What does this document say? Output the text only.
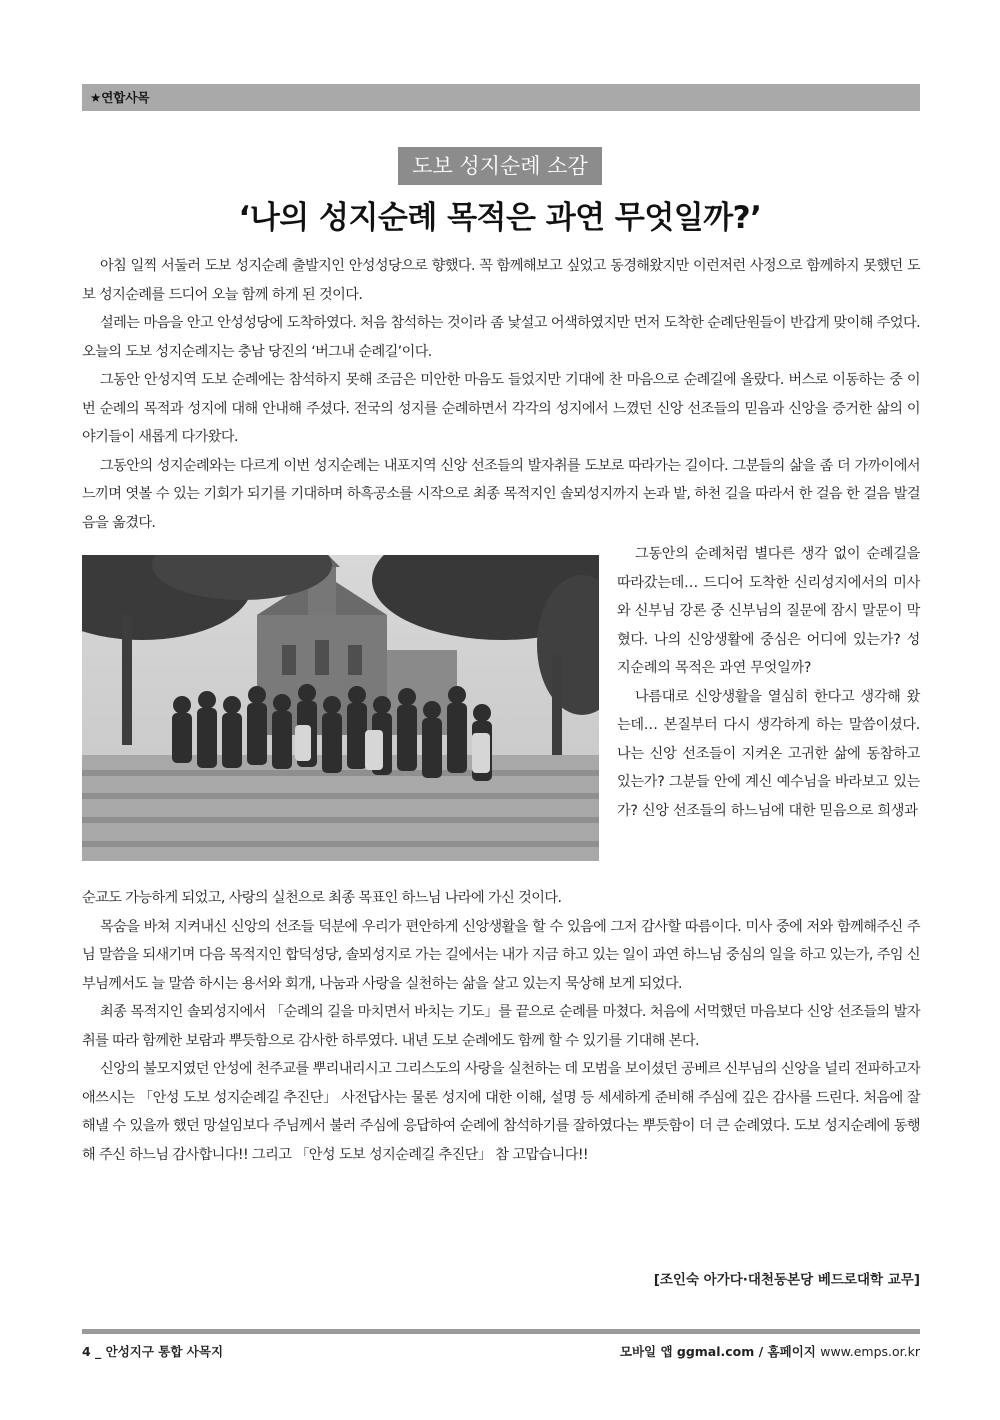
★연합사목
도보 성지순례 소감
‘나의 성지순례 목적은 과연 무엇일까?’

아침 일찍 서둘러 도보 성지순례 출발지인 안성성당으로 향했다. 꼭 함께해보고 싶었고 동경해왔지만 이런저런 사정으로 함께하지 못했던 도보 성지순례를 드디어 오늘 함께 하게 된 것이다.

설레는 마음을 안고 안성성당에 도착하였다. 처음 참석하는 것이라 좀 낯설고 어색하였지만 먼저 도착한 순례단원들이 반갑게 맞이해 주었다. 오늘의 도보 성지순례지는 충남 당진의 ‘버그내 순례길’이다.

그동안 안성지역 도보 순례에는 참석하지 못해 조금은 미안한 마음도 들었지만 기대에 찬 마음으로 순례길에 올랐다. 버스로 이동하는 중 이번 순례의 목적과 성지에 대해 안내해 주셨다. 전국의 성지를 순례하면서 각각의 성지에서 느꼈던 신앙 선조들의 믿음과 신앙을 증거한 삶의 이야기들이 새롭게 다가왔다.

그동안의 성지순례와는 다르게 이번 성지순례는 내포지역 신앙 선조들의 발자취를 도보로 따라가는 길이다. 그분들의 삶을 좀 더 가까이에서 느끼며 엿볼 수 있는 기회가 되기를 기대하며 하흑공소를 시작으로 최종 목적지인 솔뫼성지까지 논과 밭, 하천 길을 따라서 한 걸음 한 걸음 발걸음을 옮겼다.

그동안의 순례처럼 별다른 생각 없이 순례길을 따라갔는데… 드디어 도착한 신리성지에서의 미사와 신부님 강론 중 신부님의 질문에 잠시 말문이 막혔다. 나의 신앙생활에 중심은 어디에 있는가? 성지순례의 목적은 과연 무엇일까?

나름대로 신앙생활을 열심히 한다고 생각해 왔는데… 본질부터 다시 생각하게 하는 말씀이셨다. 나는 신앙 선조들이 지켜온 고귀한 삶에 동참하고 있는가? 그분들 안에 계신 예수님을 바라보고 있는가? 신앙 선조들의 하느님에 대한 믿음으로 희생과

순교도 가능하게 되었고, 사랑의 실천으로 최종 목표인 하느님 나라에 가신 것이다.

목숨을 바쳐 지켜내신 신앙의 선조들 덕분에 우리가 편안하게 신앙생활을 할 수 있음에 그저 감사할 따름이다. 미사 중에 저와 함께해주신 주님 말씀을 되새기며 다음 목적지인 합덕성당, 솔뫼성지로 가는 길에서는 내가 지금 하고 있는 일이 과연 하느님 중심의 일을 하고 있는가, 주임 신부님께서도 늘 말씀 하시는 용서와 회개, 나눔과 사랑을 실천하는 삶을 살고 있는지 묵상해 보게 되었다.

최종 목적지인 솔뫼성지에서 「순례의 길을 마치면서 바치는 기도」를 끝으로 순례를 마쳤다. 처음에 서먹했던 마음보다 신앙 선조들의 발자취를 따라 함께한 보람과 뿌듯함으로 감사한 하루였다. 내년 도보 순례에도 함께 할 수 있기를 기대해 본다.

신앙의 불모지였던 안성에 천주교를 뿌리내리시고 그리스도의 사랑을 실천하는 데 모범을 보이셨던 공베르 신부님의 신앙을 널리 전파하고자 애쓰시는 「안성 도보 성지순례길 추진단」 사전답사는 물론 성지에 대한 이해, 설명 등 세세하게 준비해 주심에 깊은 감사를 드린다. 처음에 잘 해낼 수 있을까 했던 망설임보다 주님께서 불러 주심에 응답하여 순례에 참석하기를 잘하였다는 뿌듯함이 더 큰 순례였다. 도보 성지순례에 동행해 주신 하느님 감사합니다!! 그리고 「안성 도보 성지순례길 추진단」 참 고맙습니다!!

[조인숙 아가다·대천동본당 베드로대학 교무]
4 _ 안성지구 통합 사목지	모바일 앱 ggmal.com / 홈페이지 www.emps.or.kr
